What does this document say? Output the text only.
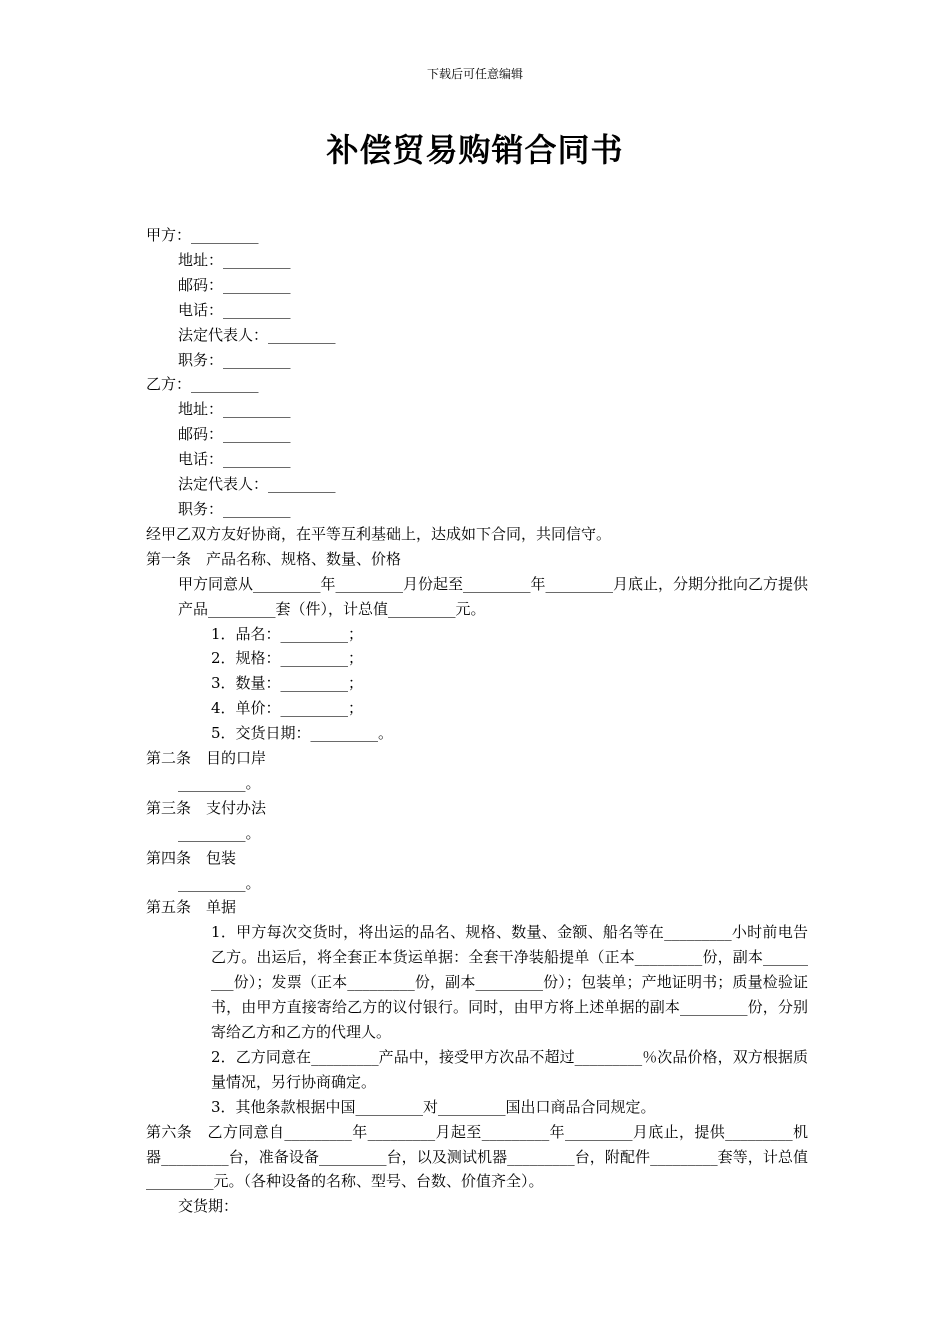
下载后可任意编辑
补偿贸易购销合同书

甲方：_________

地址：_________

邮码：_________

电话：_________

法定代表人：_________

职务：_________

乙方：_________

地址：_________

邮码：_________

电话：_________

法定代表人：_________

职务：_________

经甲乙双方友好协商，在平等互利基础上，达成如下合同，共同信守。

第一条　产品名称、规格、数量、价格

甲方同意从_________年_________月份起至_________年_________月底止，分期分批向乙方提供产品_________套（件），计总值_________元。

1．品名：_________；

2．规格：_________；

3．数量：_________；

4．单价：_________；

5．交货日期：_________。

第二条　目的口岸

_________。

第三条　支付办法

_________。

第四条　包装

_________。

第五条　单据

1．甲方每次交货时，将出运的品名、规格、数量、金额、船名等在_________小时前电告乙方。出运后，将全套正本货运单据：全套干净装船提单（正本_________份，副本_________份）；发票（正本_________份，副本_________份）；包装单；产地证明书；质量检验证书，由甲方直接寄给乙方的议付银行。同时，由甲方将上述单据的副本_________份，分别寄给乙方和乙方的代理人。

2．乙方同意在_________产品中，接受甲方次品不超过_________％次品价格，双方根据质量情况，另行协商确定。

3．其他条款根据中国_________对_________国出口商品合同规定。

第六条　乙方同意自_________年_________月起至_________年_________月底止，提供_________机器_________台，准备设备_________台，以及测试机器_________台，附配件_________套等，计总值_________元。（各种设备的名称、型号、台数、价值齐全）。

交货期：
